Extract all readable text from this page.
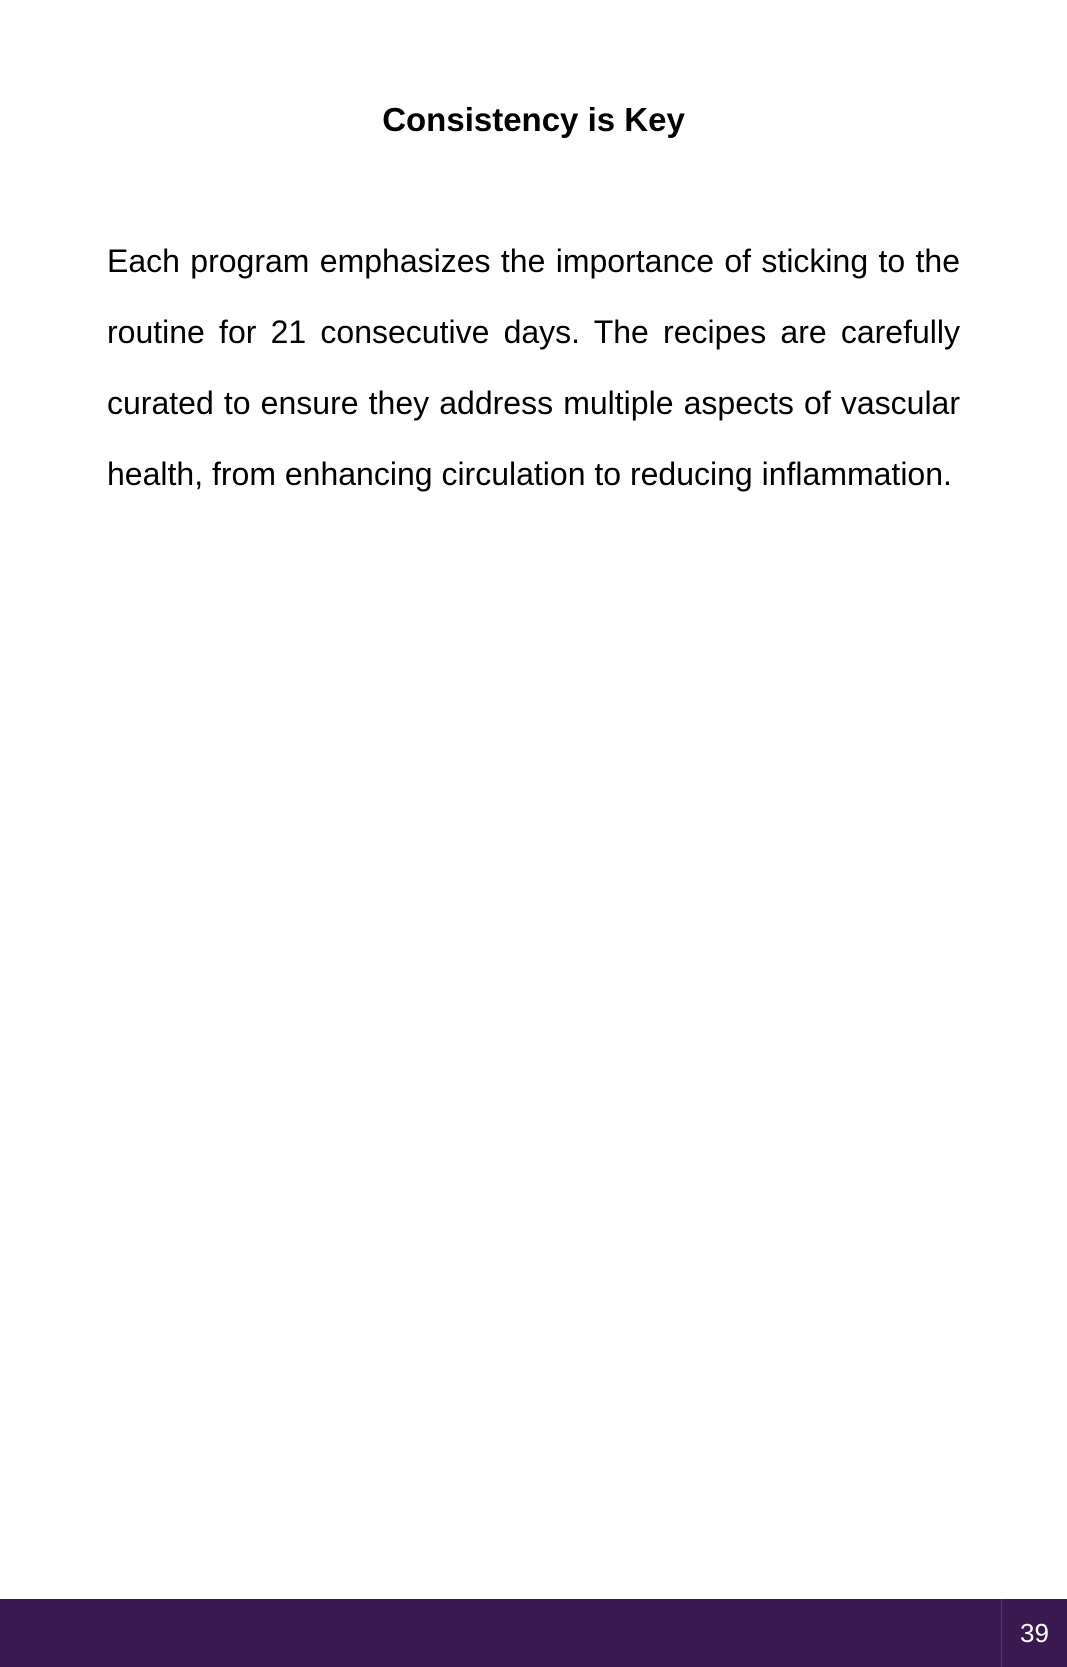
Consistency is Key

Each program emphasizes the importance of sticking to the routine for 21 consecutive days. The recipes are carefully curated to ensure they address multiple aspects of vascular health, from enhancing circulation to reducing inflammation.

39
